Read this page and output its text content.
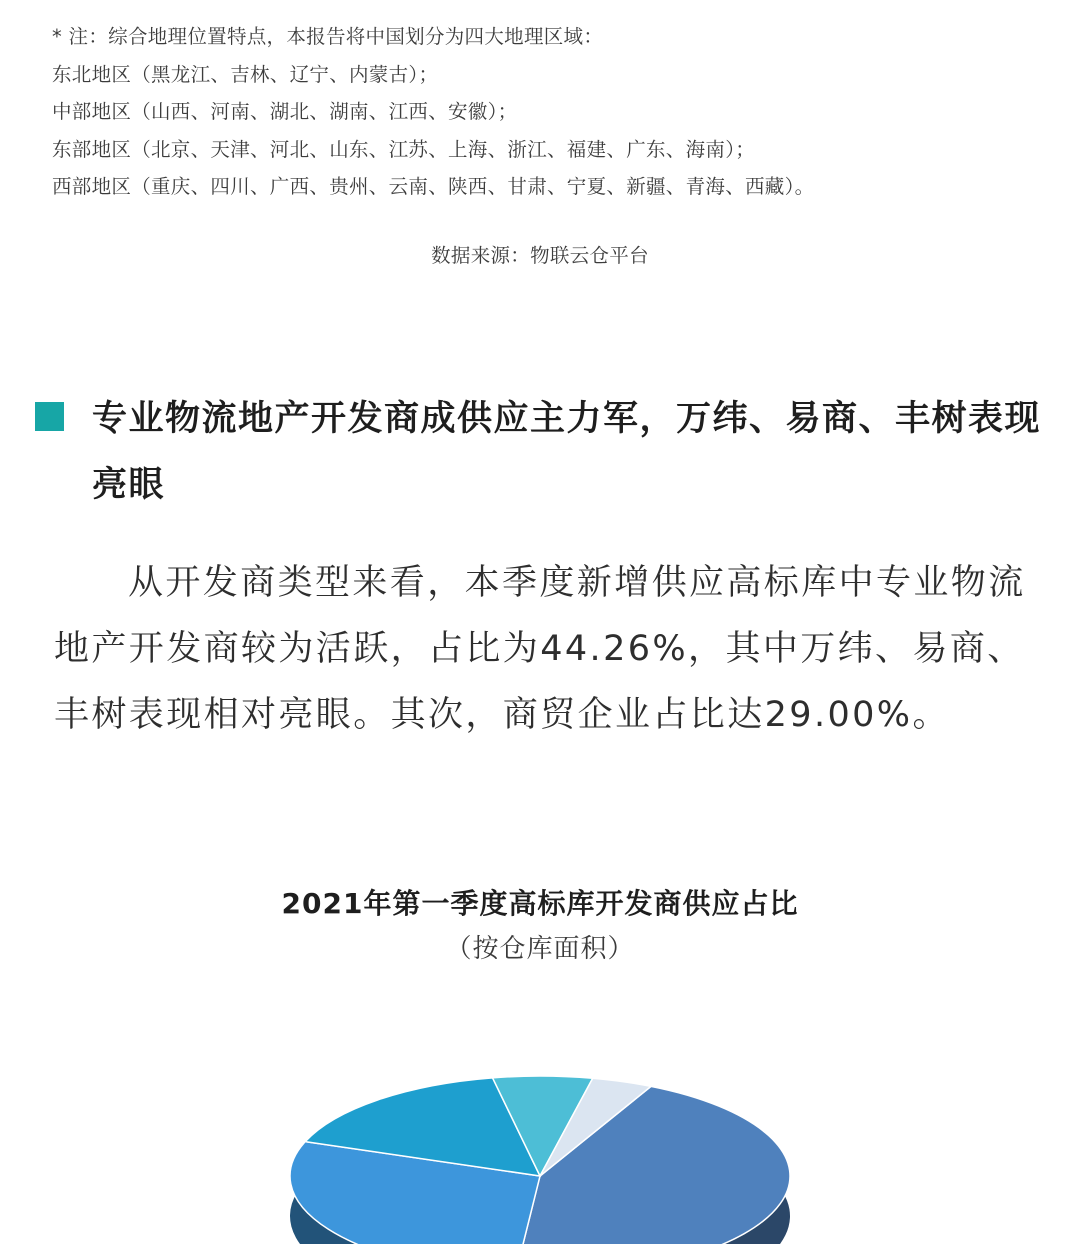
* 注：综合地理位置特点，本报告将中国划分为四大地理区域：
东北地区（黑龙江、吉林、辽宁、内蒙古）；
中部地区（山西、河南、湖北、湖南、江西、安徽）；
东部地区（北京、天津、河北、山东、江苏、上海、浙江、福建、广东、海南）；
西部地区（重庆、四川、广西、贵州、云南、陕西、甘肃、宁夏、新疆、青海、西藏）。
数据来源：物联云仓平台
专业物流地产开发商成供应主力军，万纬、易商、丰树表现亮眼
从开发商类型来看，本季度新增供应高标库中专业物流地产开发商较为活跃，占比为44.26%，其中万纬、易商、丰树表现相对亮眼。其次，商贸企业占比达29.00%。
2021年第一季度高标库开发商供应占比
（按仓库面积）
